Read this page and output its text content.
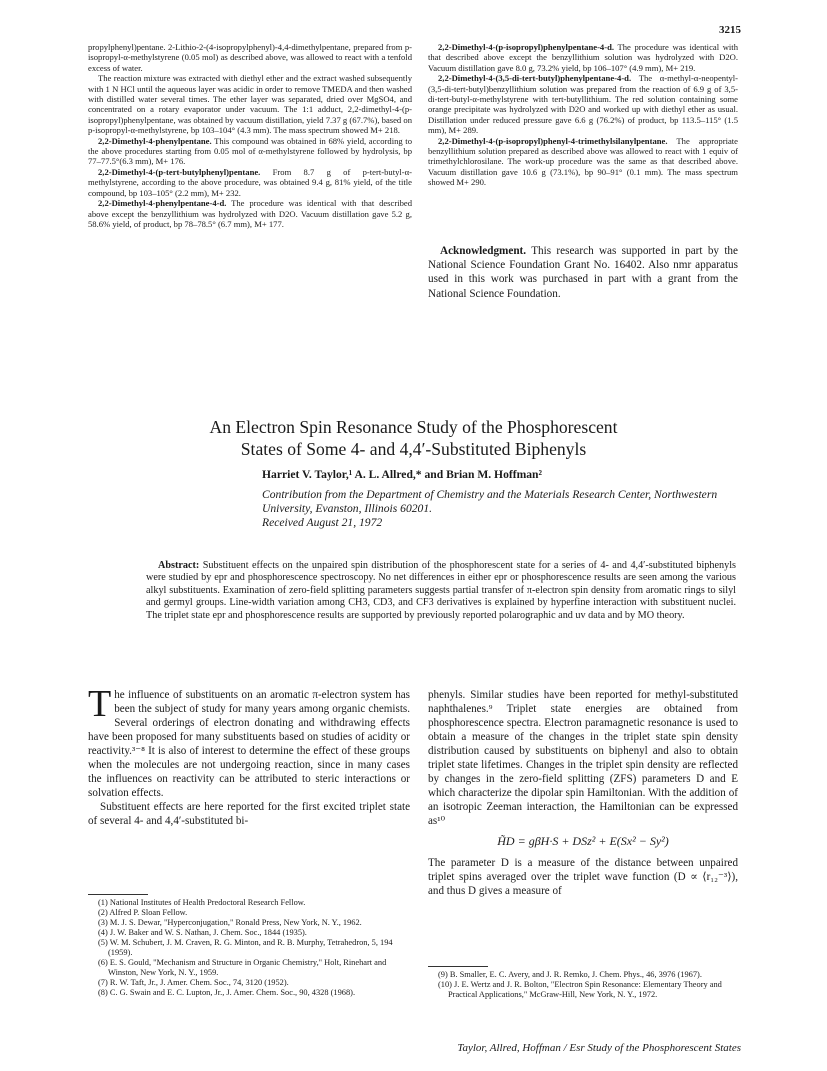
3215

propylphenyl)pentane. 2-Lithio-2-(4-isopropylphenyl)-4,4-dimethylpentane, prepared from p-isopropyl-α-methylstyrene (0.05 mol) as described above, was allowed to react with a tenfold excess of water.

The reaction mixture was extracted with diethyl ether and the extract washed subsequently with 1 N HCl until the aqueous layer was acidic in order to remove TMEDA and then washed with distilled water several times. The ether layer was separated, dried over MgSO4, and concentrated on a rotary evaporator under vacuum. The 1:1 adduct, 2,2-dimethyl-4-(p-isopropyl)phenylpentane, was obtained by vacuum distillation, yield 7.37 g (67.7%), based on p-isopropyl-α-methylstyrene, bp 103–104° (4.3 mm). The mass spectrum showed M+ 218.

2,2-Dimethyl-4-phenylpentane. This compound was obtained in 68% yield, according to the above procedures starting from 0.05 mol of α-methylstyrene followed by hydrolysis, bp 77–77.5°(6.3 mm), M+ 176.

2,2-Dimethyl-4-(p-tert-butylphenyl)pentane. From 8.7 g of p-tert-butyl-α-methylstyrene, according to the above procedure, was obtained 9.4 g, 81% yield, of the title compound, bp 103–105° (2.2 mm), M+ 232.

2,2-Dimethyl-4-phenylpentane-4-d. The procedure was identical with that described above except the benzyllithium was hydrolyzed with D2O. Vacuum distillation gave 5.2 g, 58.6% yield, of product, bp 78–78.5° (6.7 mm), M+ 177.

2,2-Dimethyl-4-(p-isopropyl)phenylpentane-4-d. The procedure was identical with that described above except the benzyllithium solution was hydrolyzed with D2O. Vacuum distillation gave 8.0 g, 73.2% yield, bp 106–107° (4.9 mm), M+ 219.

2,2-Dimethyl-4-(3,5-di-tert-butyl)phenylpentane-4-d. The α-methyl-α-neopentyl-(3,5-di-tert-butyl)benzyllithium solution was prepared from the reaction of 6.9 g of 3,5-di-tert-butyl-α-methylstyrene with tert-butyllithium. The red solution containing some orange precipitate was hydrolyzed with D2O and worked up with diethyl ether as usual. Distillation under reduced pressure gave 6.6 g (76.2%) of product, bp 113.5–115° (1.5 mm), M+ 289.

2,2-Dimethyl-4-(p-isopropyl)phenyl-4-trimethylsilanylpentane. The appropriate benzyllithium solution prepared as described above was allowed to react with 1 equiv of trimethylchlorosilane. The work-up procedure was the same as that described above. Vacuum distillation gave 10.6 g (73.1%), bp 90–91° (0.1 mm). The mass spectrum showed M+ 290.

Acknowledgment. This research was supported in part by the National Science Foundation Grant No. 16402. Also nmr apparatus used in this work was purchased in part with a grant from the National Science Foundation.
An Electron Spin Resonance Study of the Phosphorescent
States of Some 4- and 4,4′-Substituted Biphenyls
Harriet V. Taylor,¹ A. L. Allred,* and Brian M. Hoffman²
Contribution from the Department of Chemistry and the Materials Research Center, Northwestern University, Evanston, Illinois 60201.
Received August 21, 1972
Abstract: Substituent effects on the unpaired spin distribution of the phosphorescent state for a series of 4- and 4,4′-substituted biphenyls were studied by epr and phosphorescence spectroscopy. No net differences in either epr or phosphorescence results are seen among the various alkyl substituents. Examination of zero-field splitting parameters suggests partial transfer of π-electron spin density from aromatic rings to silyl and germyl groups. Line-width variation among CH3, CD3, and CF3 derivatives is explained by hyperfine interaction with substituent nuclei. The triplet state epr and phosphorescence results are supported by previously reported polarographic and uv data and by MO theory.

The influence of substituents on an aromatic π-electron system has been the subject of study for many years among organic chemists. Several orderings of electron donating and withdrawing effects have been proposed for many substituents based on studies of acidity or reactivity.³⁻⁸ It is also of interest to determine the effect of these groups when the molecules are not undergoing reaction, since in many cases the influences on reactivity can be attributed to steric interactions or solvation effects.

Substituent effects are here reported for the first excited triplet state of several 4- and 4,4′-substituted bi-

(1) National Institutes of Health Predoctoral Research Fellow.
(2) Alfred P. Sloan Fellow.
(3) M. J. S. Dewar, "Hyperconjugation," Ronald Press, New York, N. Y., 1962.
(4) J. W. Baker and W. S. Nathan, J. Chem. Soc., 1844 (1935).
(5) W. M. Schubert, J. M. Craven, R. G. Minton, and R. B. Murphy, Tetrahedron, 5, 194 (1959).
(6) E. S. Gould, "Mechanism and Structure in Organic Chemistry," Holt, Rinehart and Winston, New York, N. Y., 1959.
(7) R. W. Taft, Jr., J. Amer. Chem. Soc., 74, 3120 (1952).
(8) C. G. Swain and E. C. Lupton, Jr., J. Amer. Chem. Soc., 90, 4328 (1968).

phenyls. Similar studies have been reported for methyl-substituted naphthalenes.⁹ Triplet state energies are obtained from phosphorescence spectra. Electron paramagnetic resonance is used to obtain a measure of the changes in the triplet state spin density distribution caused by substituents on biphenyl and also to obtain triplet state lifetimes. Changes in the triplet spin density are reflected by changes in the zero-field splitting (ZFS) parameters D and E which characterize the dipolar spin Hamiltonian. With the addition of an isotropic Zeeman interaction, the Hamiltonian can be expressed as¹⁰

H̃D = gβH·S + DSz² + E(Sx² − Sy²)

The parameter D is a measure of the distance between unpaired triplet spins averaged over the triplet wave function (D ∝ ⟨r₁₂⁻³⟩), and thus D gives a measure of

(9) B. Smaller, E. C. Avery, and J. R. Remko, J. Chem. Phys., 46, 3976 (1967).
(10) J. E. Wertz and J. R. Bolton, "Electron Spin Resonance: Elementary Theory and Practical Applications," McGraw-Hill, New York, N. Y., 1972.
Taylor, Allred, Hoffman / Esr Study of the Phosphorescent States
